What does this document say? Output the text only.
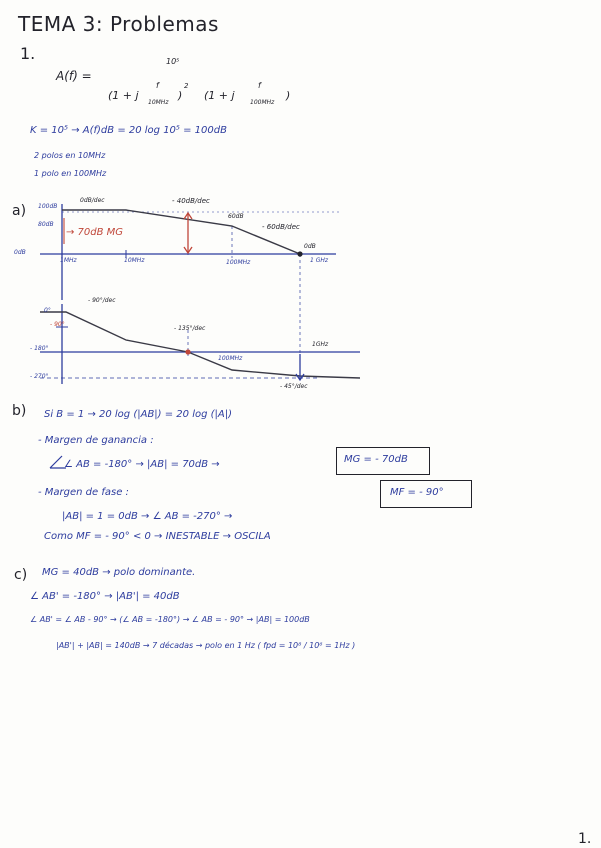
TEMA 3: Problemas
1.
A(f) =
10⁵
(1 + j
f
10MHz
)
2
(1 + j
f
100MHz
)
K = 10⁵ → A(f)dB = 20 log 10⁵ = 100dB
2 polos en 10MHz
1 polo en 100MHz
a) 100dB
80dB
0dB
→ 70dB MG
0dB/dec	- 40dB/dec
60dB
- 60dB/dec
0dB
1MHz	10MHz	100MHz	1 GHz
- 90°/dec
- 135°/dec
0°
- 90°
- 180°
- 270°
100MHz
1GHz
- 45°/dec
b) Si B = 1 → 20 log (|AB|) = 20 log (|A|)
- Margen de ganancia :
∠ AB = -180° → |AB| = 70dB →	MG = - 70dB
- Margen de fase :
|AB| = 1 = 0dB → ∠ AB = -270° →
MF = - 90°
Como MF = - 90° < 0 → INESTABLE → OSCILA
c) MG = 40dB → polo dominante.
∠ AB' = -180° → |AB'| = 40dB
∠ AB' = ∠ AB - 90° → (∠ AB = -180°) → ∠ AB = - 90° → |AB| = 100dB
|AB'| + |AB| = 140dB → 7 décadas → polo en 1 Hz ( fpd = 10⁸ / 10⁶ = 1Hz )
1.
